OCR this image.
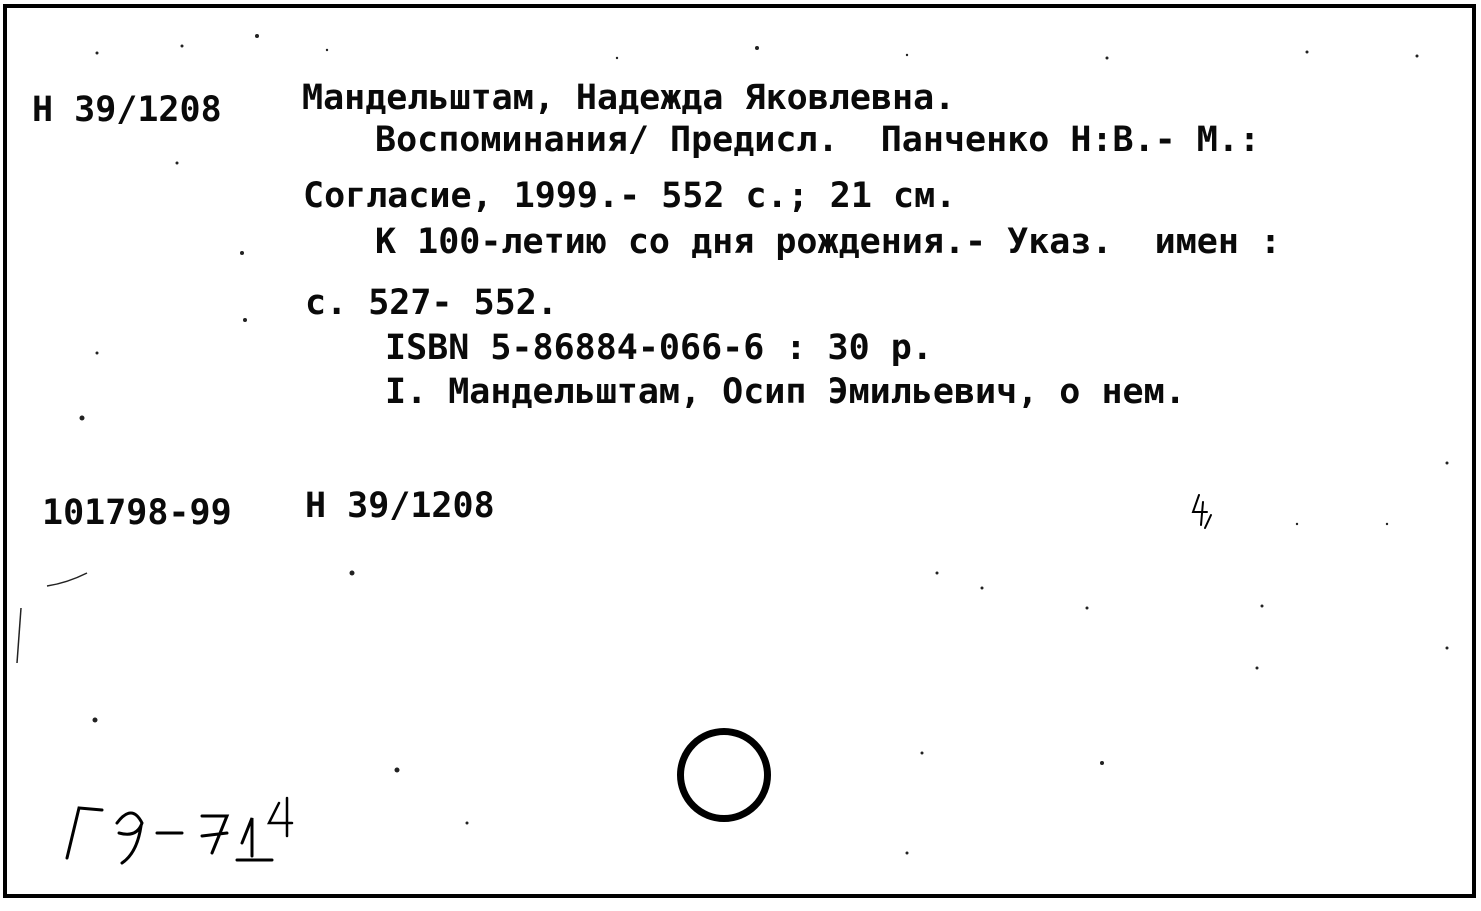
Н 39/1208 Мандельштам, Надежда Яковлевна.
Воспоминания/ Предисл.  Панченко Н:В.- М.:
Согласие, 1999.- 552 с.; 21 см.
К 100-летию со дня рождения.- Указ.  имен :
с. 527- 552.
ISBN 5-86884-066-6 : 30 р.
I. Мандельштам, Осип Эмильевич, о нем.
101798-99 Н 39/1208
